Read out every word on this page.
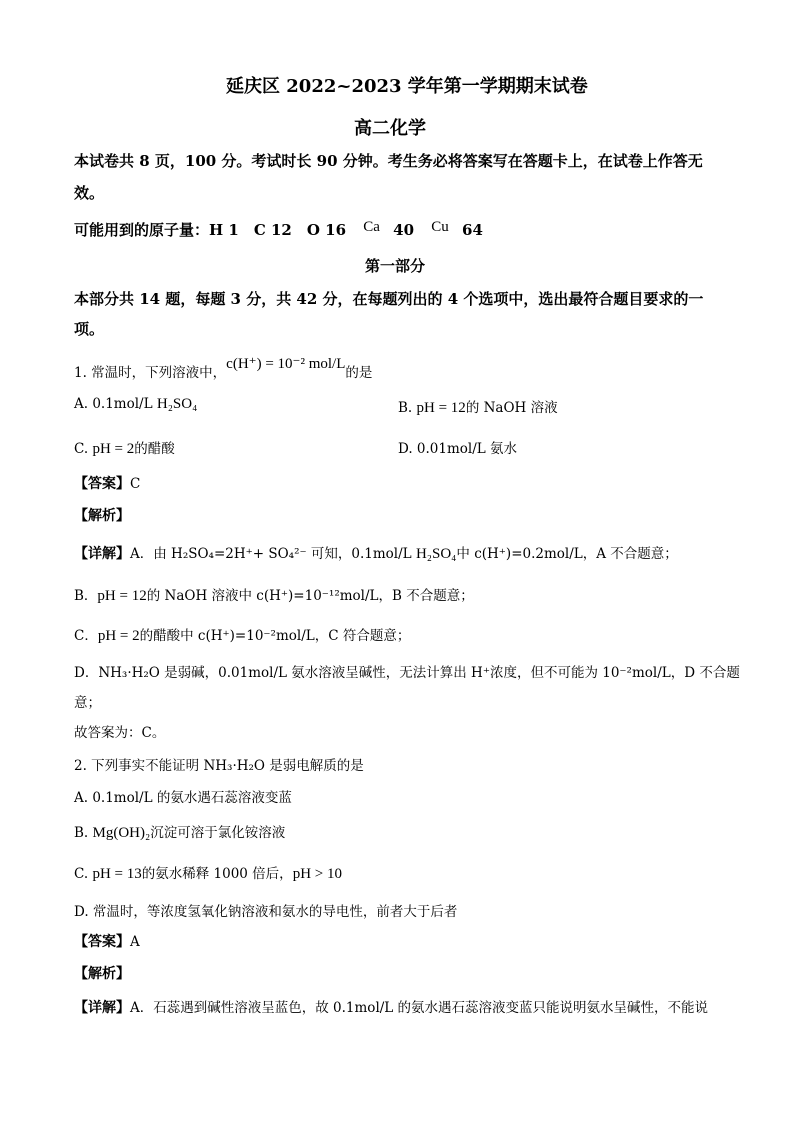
延庆区 2022~2023 学年第一学期期末试卷
高二化学
本试卷共 8 页，100 分。考试时长 90 分钟。考生务必将答案写在答题卡上，在试卷上作答无
效。
可能用到的原子量：H 1　C 12　O 16 Ca 40 Cu 64
第一部分
本部分共 14 题，每题 3 分，共 42 分，在每题列出的 4 个选项中，选出最符合题目要求的一
项。
1. 常温时，下列溶液中，c(H⁺) = 10⁻² mol/L的是
A. 0.1mol/L H₂SO₄	B. pH = 12的 NaOH 溶液
C. pH = 2的醋酸	D. 0.01mol/L 氨水
【答案】C
【解析】
【详解】A．由 H₂SO₄=2H⁺+ SO₄²⁻ 可知，0.1mol/L H₂SO₄中 c(H⁺)=0.2mol/L，A 不合题意；
B．pH = 12的 NaOH 溶液中 c(H⁺)=10⁻¹²mol/L，B 不合题意；
C．pH = 2的醋酸中 c(H⁺)=10⁻²mol/L，C 符合题意；
D．NH₃·H₂O 是弱碱，0.01mol/L 氨水溶液呈碱性，无法计算出 H⁺浓度，但不可能为 10⁻²mol/L，D 不合题
意；
故答案为：C。
2. 下列事实不能证明 NH₃·H₂O 是弱电解质的是
A. 0.1mol/L 的氨水遇石蕊溶液变蓝
B. Mg(OH)₂沉淀可溶于氯化铵溶液
C. pH = 13的氨水稀释 1000 倍后，pH > 10
D. 常温时，等浓度氢氧化钠溶液和氨水的导电性，前者大于后者
【答案】A
【解析】
【详解】A．石蕊遇到碱性溶液呈蓝色，故 0.1mol/L 的氨水遇石蕊溶液变蓝只能说明氨水呈碱性，不能说
